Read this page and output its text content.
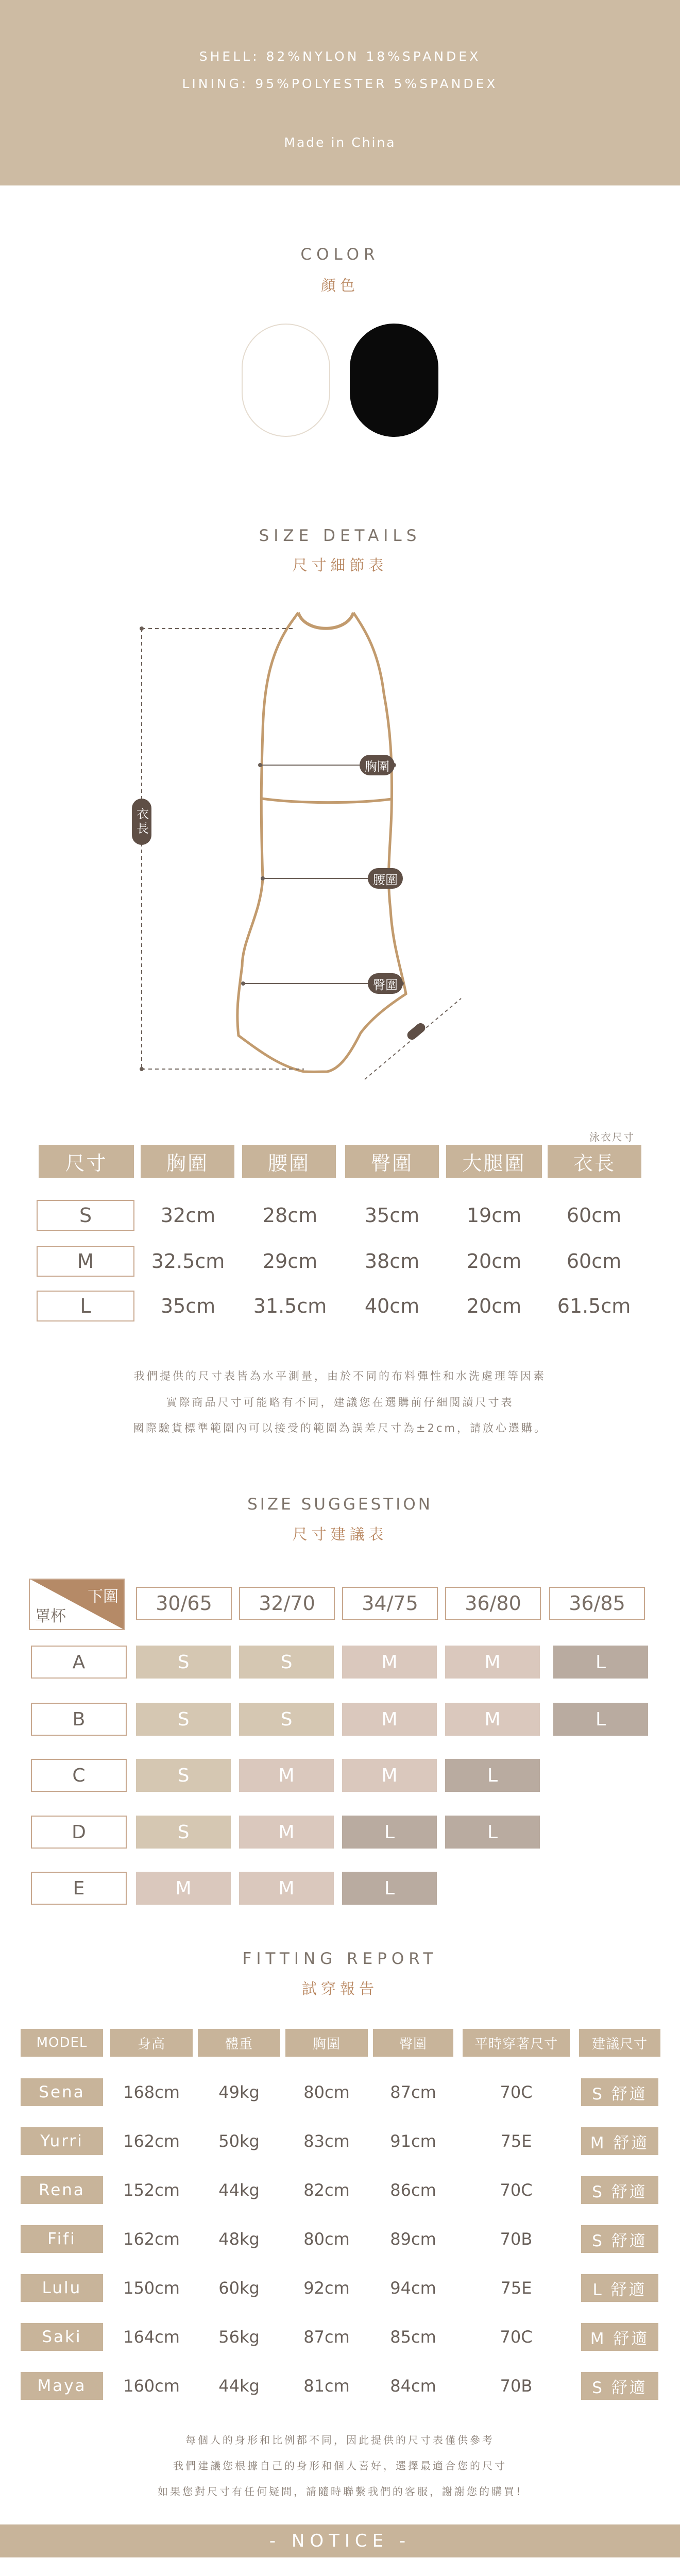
SHELL: 82%NYLON 18%SPANDEX
LINING: 95%POLYESTER 5%SPANDEX
Made in China
COLOR
顏色
SIZE DETAILS
尺寸細節表
胸圍
腰圍
臀圍
衣長
泳衣尺寸
尺寸	胸圍	腰圍	臀圍	大腿圍	衣長
S	32cm	28cm	35cm	19cm	60cm
M	32.5cm	29cm	38cm	20cm	60cm
L	35cm	31.5cm	40cm	20cm	61.5cm
我們提供的尺寸表皆為水平測量，由於不同的布料彈性和水洗處理等因素
實際商品尺寸可能略有不同，建議您在選購前仔細閱讀尺寸表
國際驗貨標準範圍內可以接受的範圍為誤差尺寸為±2cm，請放心選購。
SIZE SUGGESTION
尺寸建議表
下圍
罩杯
30/65	32/70	34/75	36/80	36/85
A	S	S	M	M	L
B	S	S	M	M	L
C	S	M	M	L
D	S	M	L	L
E	M	M	L
FITTING REPORT
試穿報告
MODEL	身高	體重	胸圍	臀圍	平時穿著尺寸	建議尺寸
Sena	168cm	49kg	80cm	87cm	70C	S 舒適
Yurri	162cm	50kg	83cm	91cm	75E	M 舒適
Rena	152cm	44kg	82cm	86cm	70C	S 舒適
Fifi	162cm	48kg	80cm	89cm	70B	S 舒適
Lulu	150cm	60kg	92cm	94cm	75E	L 舒適
Saki	164cm	56kg	87cm	85cm	70C	M 舒適
Maya	160cm	44kg	81cm	84cm	70B	S 舒適
每個人的身形和比例都不同，因此提供的尺寸表僅供參考
我們建議您根據自己的身形和個人喜好，選擇最適合您的尺寸
如果您對尺寸有任何疑問，請隨時聯繫我們的客服，謝謝您的購買!
- NOTICE -
